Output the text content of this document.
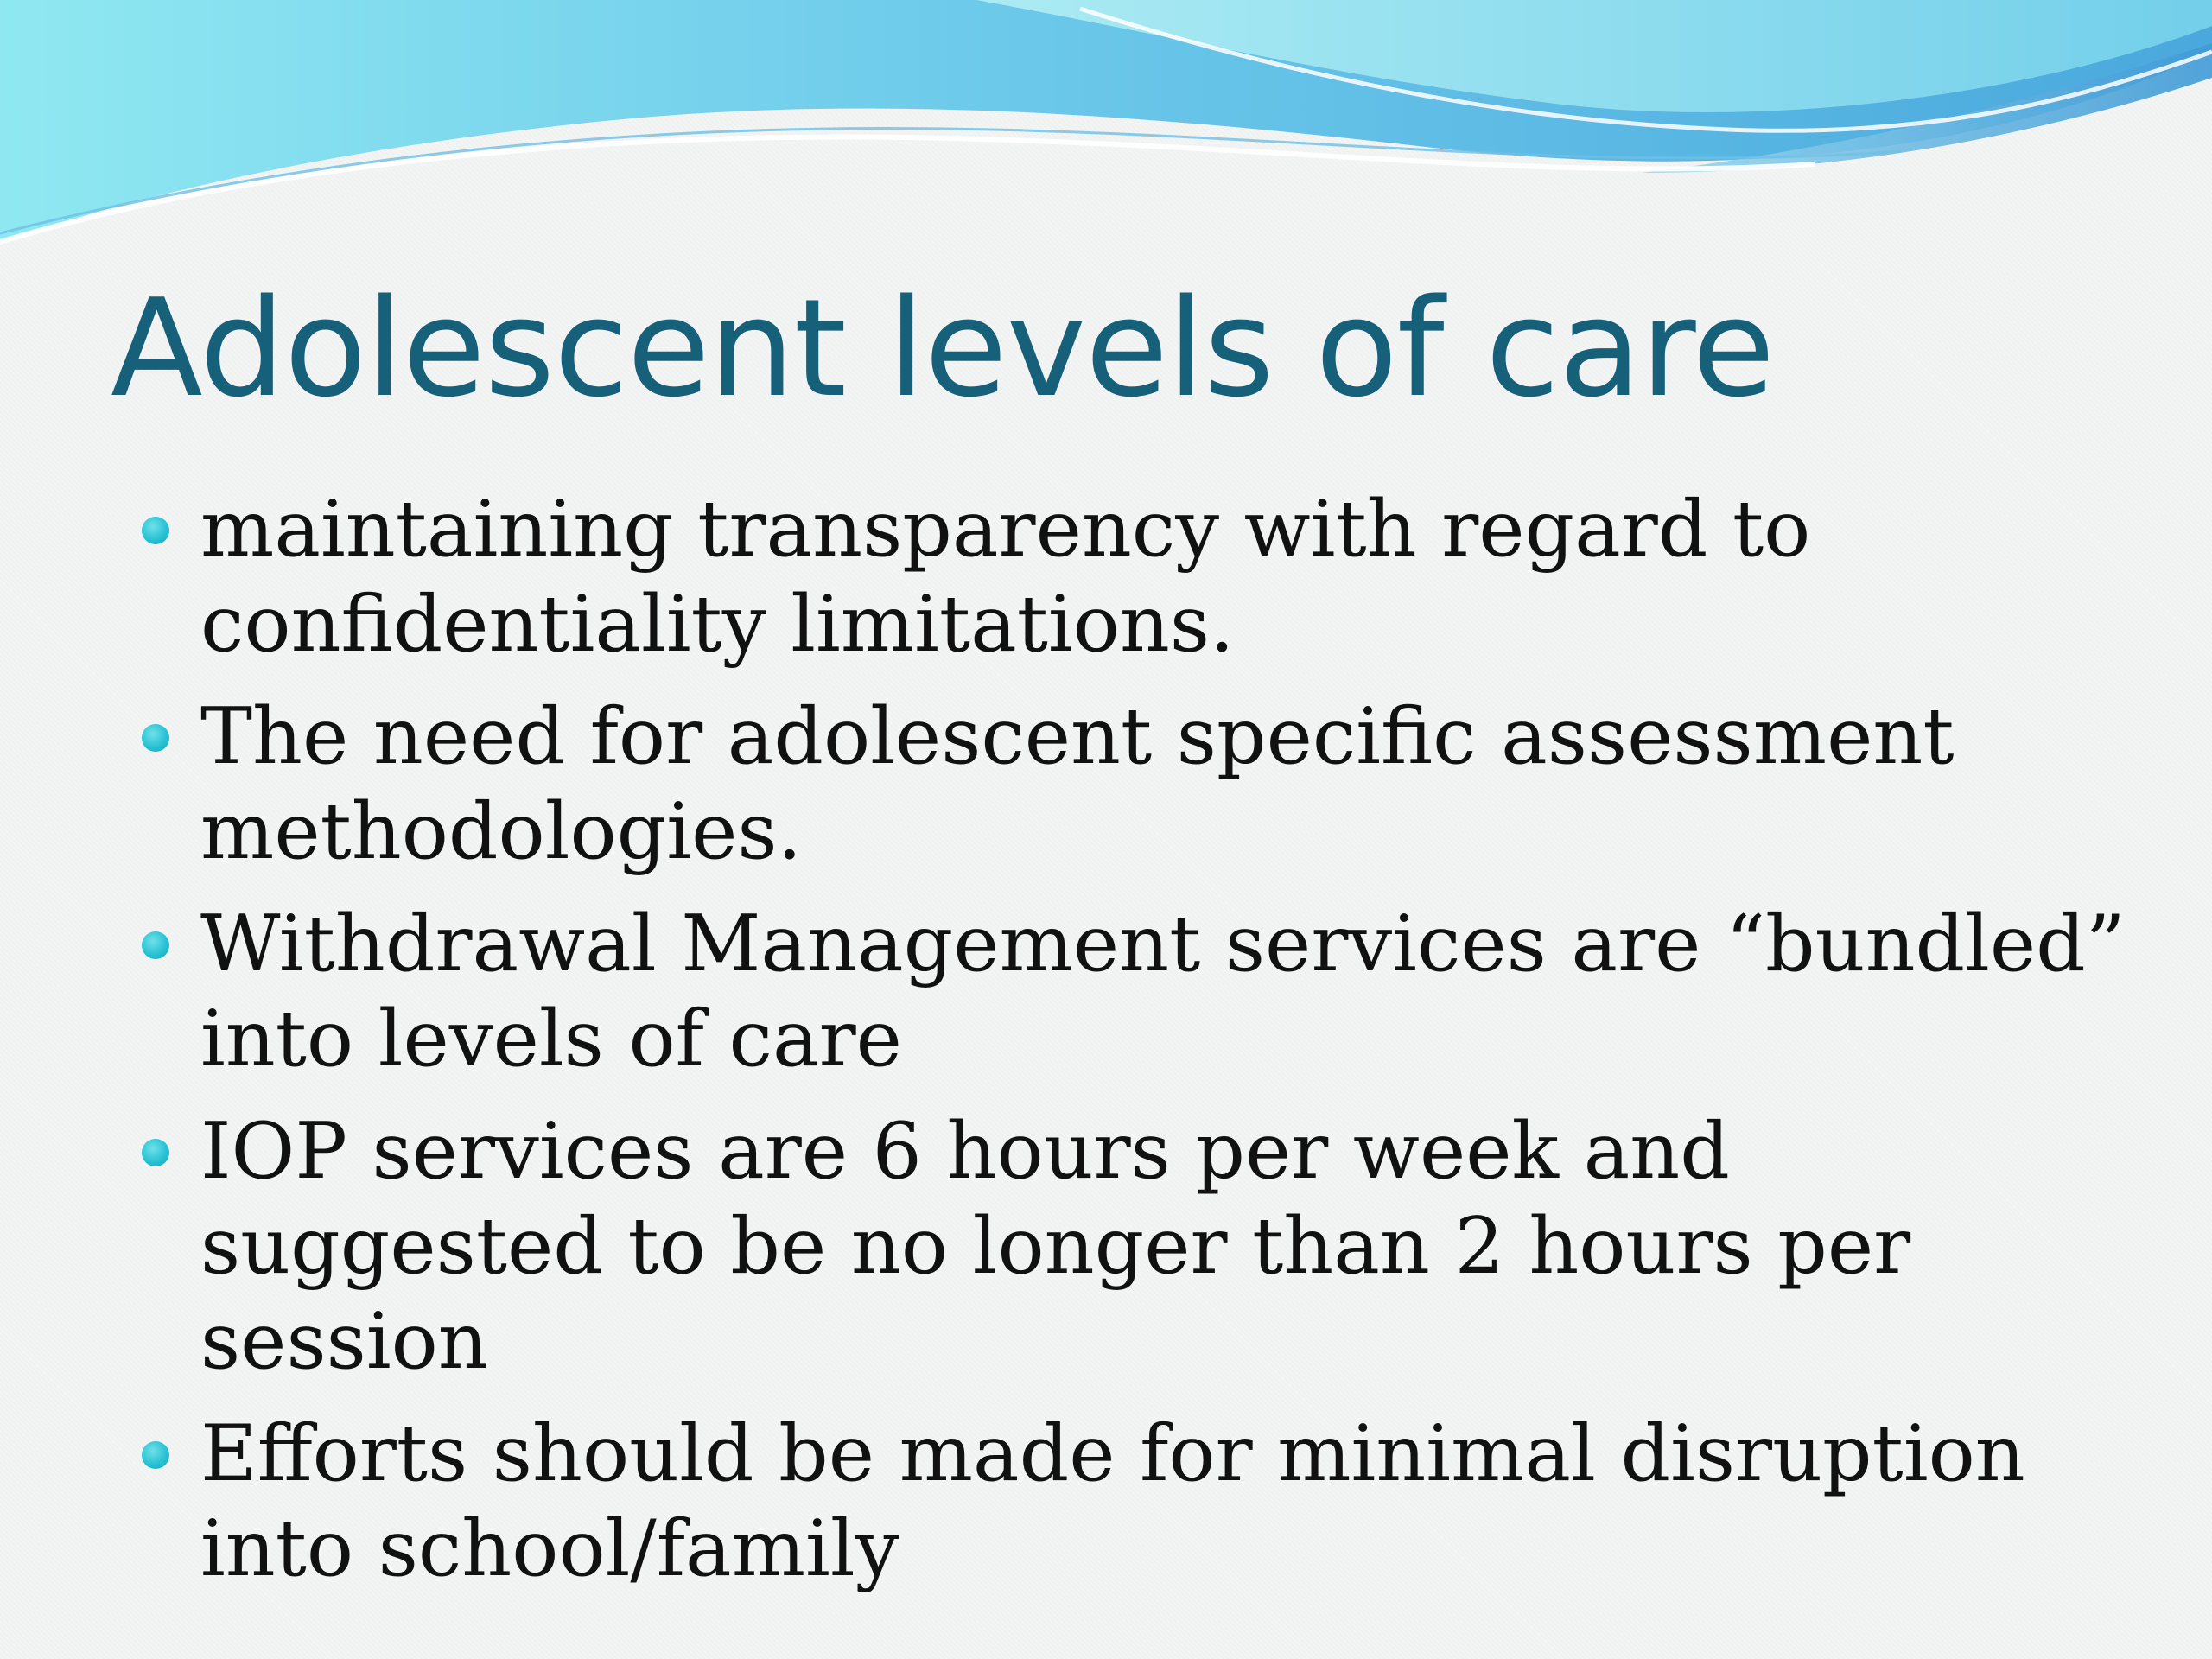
Adolescent levels of care
maintaining transparency with regard to confidentiality limitations.
The need for adolescent specific assessment methodologies.
Withdrawal Management services are “bundled” into levels of care
IOP services are 6 hours per week and suggested to be no longer than 2 hours per session
Efforts should be made for minimal disruption into school/family
